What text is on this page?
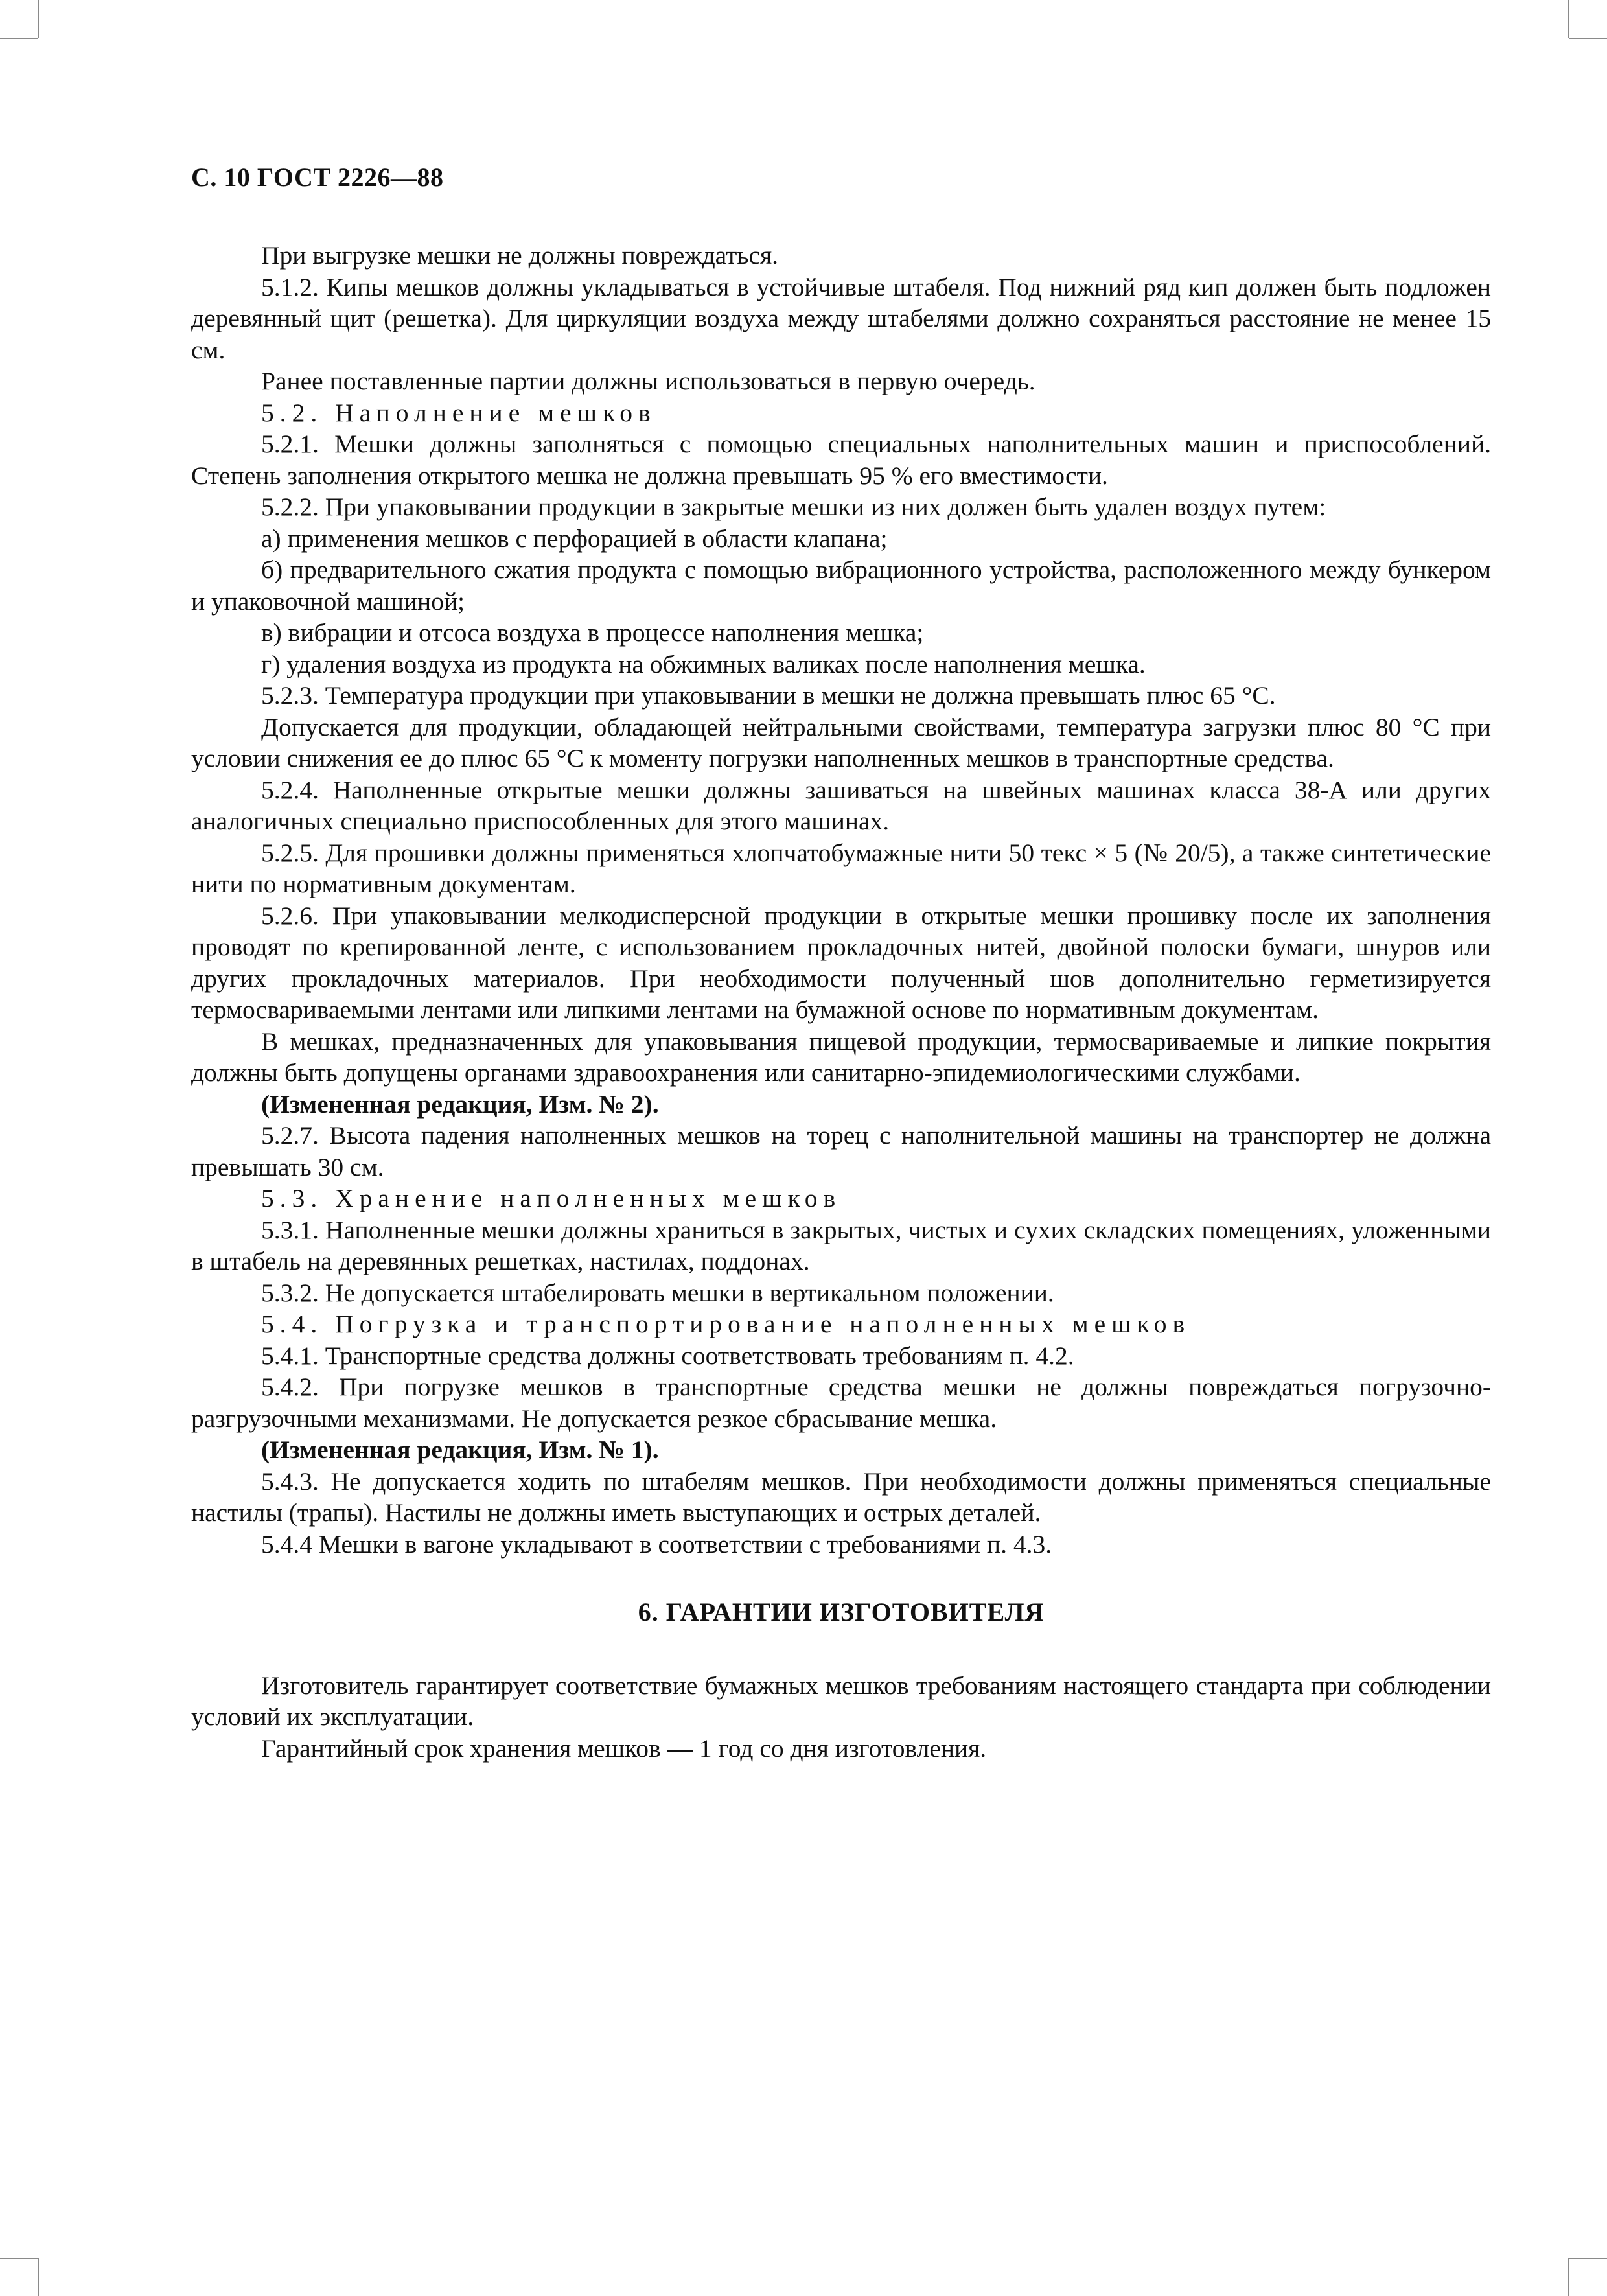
С. 10 ГОСТ 2226—88

При выгрузке мешки не должны повреждаться.

5.1.2. Кипы мешков должны укладываться в устойчивые штабеля. Под нижний ряд кип должен быть подложен деревянный щит (решетка). Для циркуляции воздуха между штабелями должно сохраняться расстояние не менее 15 см.

Ранее поставленные партии должны использоваться в первую очередь.

5.2. Наполнение мешков

5.2.1. Мешки должны заполняться с помощью специальных наполнительных машин и приспособлений. Степень заполнения открытого мешка не должна превышать 95 % его вместимости.

5.2.2. При упаковывании продукции в закрытые мешки из них должен быть удален воздух путем:

а) применения мешков с перфорацией в области клапана;

б) предварительного сжатия продукта с помощью вибрационного устройства, расположенного между бункером и упаковочной машиной;

в) вибрации и отсоса воздуха в процессе наполнения мешка;

г) удаления воздуха из продукта на обжимных валиках после наполнения мешка.

5.2.3. Температура продукции при упаковывании в мешки не должна превышать плюс 65 °С.

Допускается для продукции, обладающей нейтральными свойствами, температура загрузки плюс 80 °С при условии снижения ее до плюс 65 °С к моменту погрузки наполненных мешков в транспортные средства.

5.2.4. Наполненные открытые мешки должны зашиваться на швейных машинах класса 38-А или других аналогичных специально приспособленных для этого машинах.

5.2.5. Для прошивки должны применяться хлопчатобумажные нити 50 текс × 5 (№ 20/5), а также синтетические нити по нормативным документам.

5.2.6. При упаковывании мелкодисперсной продукции в открытые мешки прошивку после их заполнения проводят по крепированной ленте, с использованием прокладочных нитей, двойной полоски бумаги, шнуров или других прокладочных материалов. При необходимости полученный шов дополнительно герметизируется термосвариваемыми лентами или липкими лентами на бумажной основе по нормативным документам.

В мешках, предназначенных для упаковывания пищевой продукции, термосвариваемые и липкие покрытия должны быть допущены органами здравоохранения или санитарно-эпидемиологическими службами.

(Измененная редакция, Изм. № 2).

5.2.7. Высота падения наполненных мешков на торец с наполнительной машины на транспортер не должна превышать 30 см.

5.3. Хранение наполненных мешков

5.3.1. Наполненные мешки должны храниться в закрытых, чистых и сухих складских помещениях, уложенными в штабель на деревянных решетках, настилах, поддонах.

5.3.2. Не допускается штабелировать мешки в вертикальном положении.

5.4. Погрузка и транспортирование наполненных мешков

5.4.1. Транспортные средства должны соответствовать требованиям п. 4.2.

5.4.2. При погрузке мешков в транспортные средства мешки не должны повреждаться погрузочно-разгрузочными механизмами. Не допускается резкое сбрасывание мешка.

(Измененная редакция, Изм. № 1).

5.4.3. Не допускается ходить по штабелям мешков. При необходимости должны применяться специальные настилы (трапы). Настилы не должны иметь выступающих и острых деталей.

5.4.4 Мешки в вагоне укладывают в соответствии с требованиями п. 4.3.

6. ГАРАНТИИ ИЗГОТОВИТЕЛЯ

Изготовитель гарантирует соответствие бумажных мешков требованиям настоящего стандарта при соблюдении условий их эксплуатации.

Гарантийный срок хранения мешков — 1 год со дня изготовления.
